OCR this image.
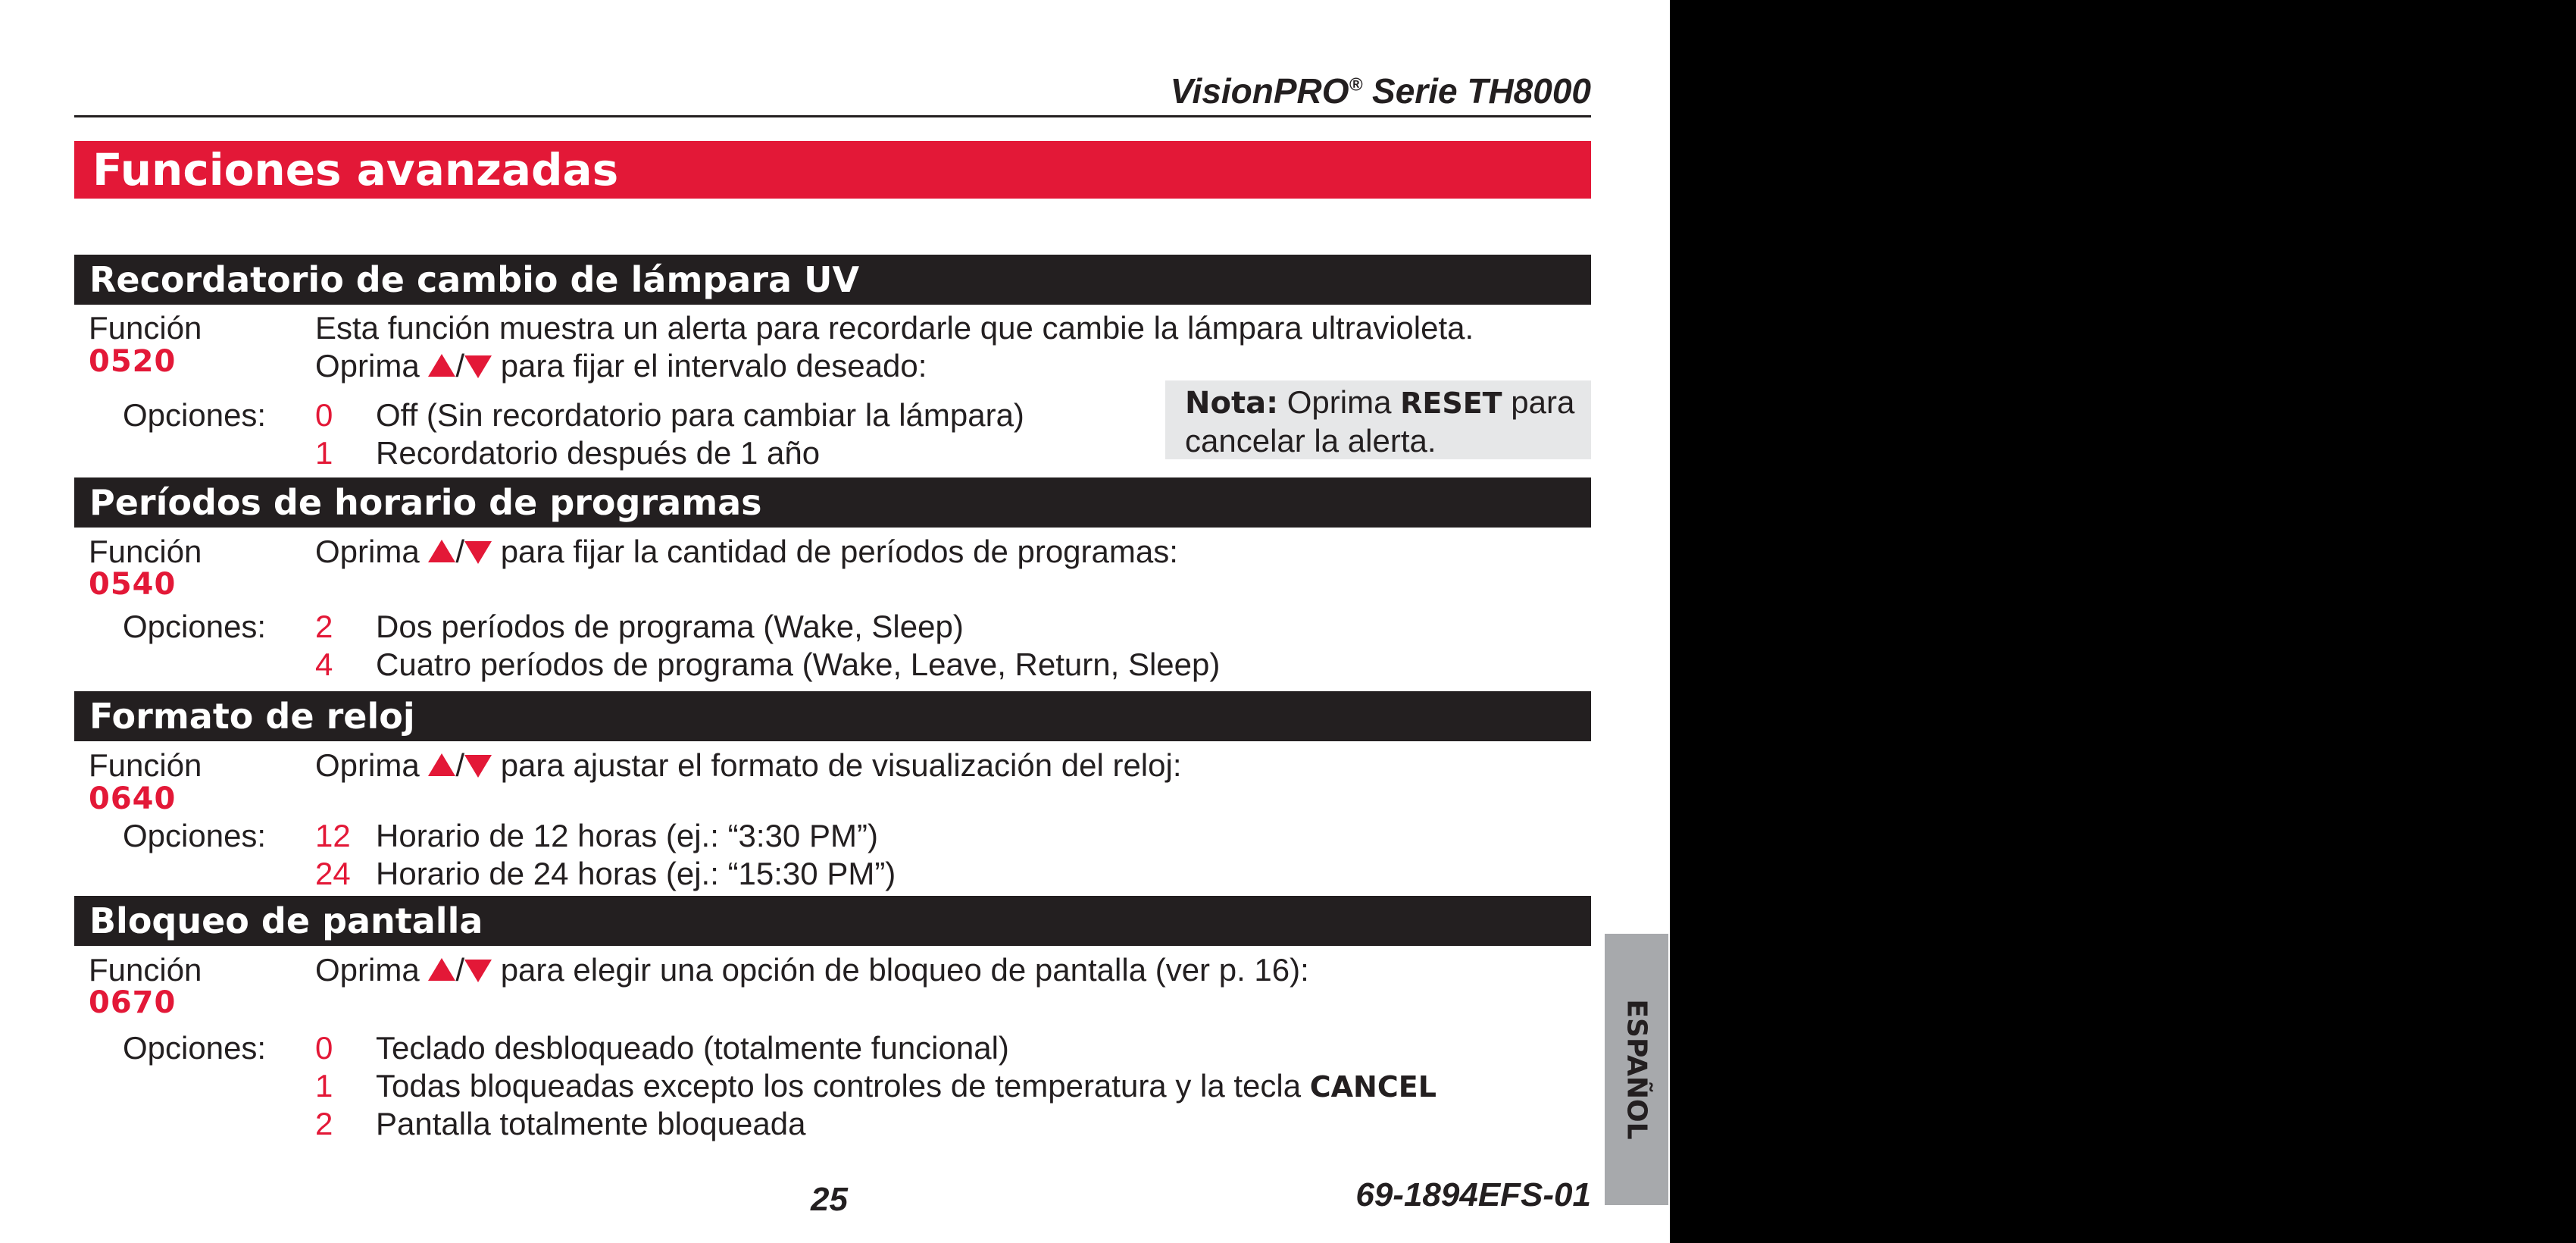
VisionPRO® Serie TH8000
Funciones avanzadas
Recordatorio de cambio de lámpara UV
Función
0520
Esta función muestra un alerta para recordarle que cambie la lámpara ultravioleta.
Oprima / para fijar el intervalo deseado:
Opciones: 0 Off (Sin recordatorio para cambiar la lámpara)
1 Recordatorio después de 1 año
Nota: Oprima RESET para
cancelar la alerta.
Períodos de horario de programas
Función
0540
Oprima / para fijar la cantidad de períodos de programas:
Opciones: 2 Dos períodos de programa (Wake, Sleep)
4 Cuatro períodos de programa (Wake, Leave, Return, Sleep)
Formato de reloj
Función
0640
Oprima / para ajustar el formato de visualización del reloj:
Opciones: 12 Horario de 12 horas (ej.: “3:30 PM”)
24 Horario de 24 horas (ej.: “15:30 PM”)
Bloqueo de pantalla
Función
0670
Oprima / para elegir una opción de bloqueo de pantalla (ver p. 16):
Opciones: 0 Teclado desbloqueado (totalmente funcional)
1 Todas bloqueadas excepto los controles de temperatura y la tecla CANCEL
2 Pantalla totalmente bloqueada	ESPAÑOL
25	69-1894EFS-01
